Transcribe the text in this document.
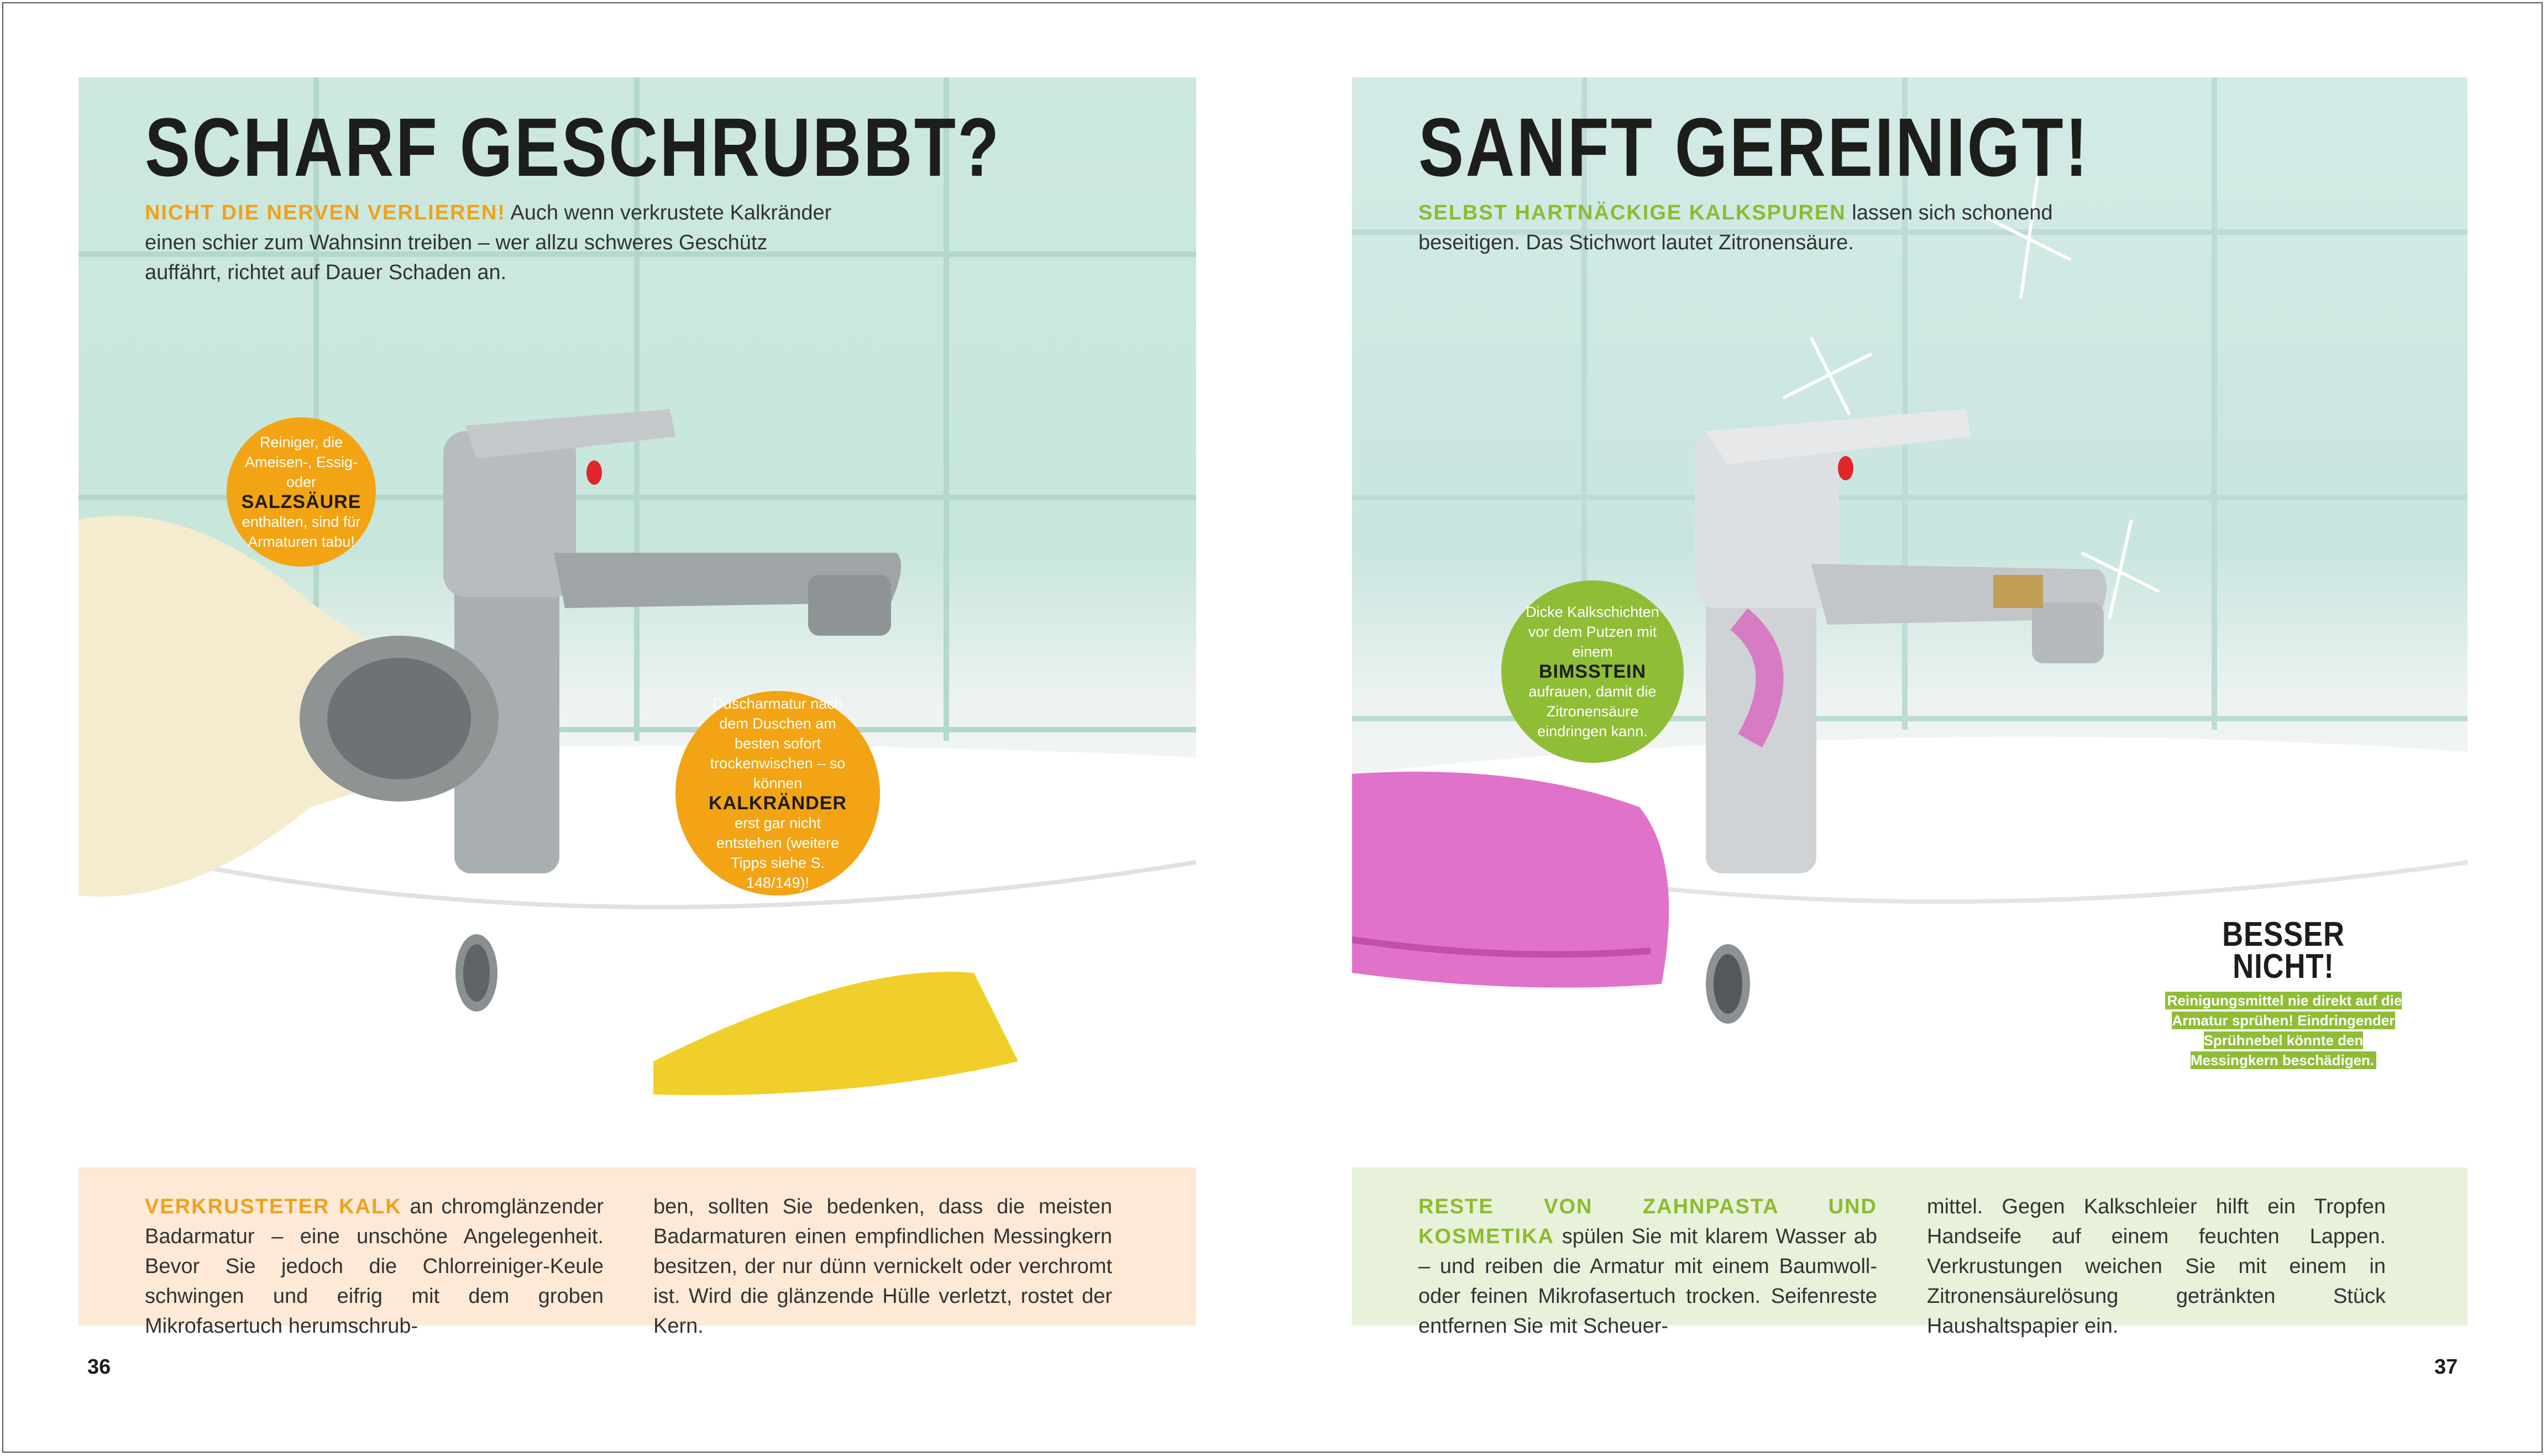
SCHARF GESCHRUBBT?
NICHT DIE NERVEN VERLIEREN! Auch wenn verkrustete Kalkränder einen schier zum Wahnsinn treiben – wer allzu schweres Geschütz auffährt, richtet auf Dauer Schaden an.
Reiniger, die Ameisen-, Essig- oder
SALZSÄURE
enthalten, sind für Armaturen tabu!
Duscharmatur nach dem Duschen am besten sofort trockenwischen – so können
KALKRÄNDER
erst gar nicht entstehen (weitere Tipps siehe S. 148/149)!
SANFT GEREINIGT!
SELBST HARTNÄCKIGE KALKSPUREN lassen sich schonend beseitigen. Das Stichwort lautet Zitronensäure.
Dicke Kalkschichten vor dem Putzen mit einem
BIMSSTEIN
aufrauen, damit die Zitronensäure eindringen kann.
BESSER
NICHT!
Reinigungsmittel nie direkt auf die Armatur sprühen! Eindringender Sprühnebel könnte den Messingkern beschädigen.
VERKRUSTETER KALK an chromglänzender Badarmatur – eine unschöne Angelegenheit. Bevor Sie jedoch die Chlorreiniger-Keule schwingen und eifrig mit dem groben Mikrofasertuch herumschrub-
ben, sollten Sie bedenken, dass die meisten Badarmaturen einen empfindlichen Messingkern besitzen, der nur dünn vernickelt oder verchromt ist. Wird die glänzende Hülle verletzt, rostet der Kern.
RESTE VON ZAHNPASTA UND KOSMETIKA spülen Sie mit klarem Wasser ab – und reiben die Armatur mit einem Baumwoll- oder feinen Mikrofasertuch trocken. Seifenreste entfernen Sie mit Scheuer-
mittel. Gegen Kalkschleier hilft ein Tropfen Handseife auf einem feuchten Lappen. Verkrustungen weichen Sie mit einem in Zitronensäurelösung getränkten Stück Haushaltspapier ein.
36	37
